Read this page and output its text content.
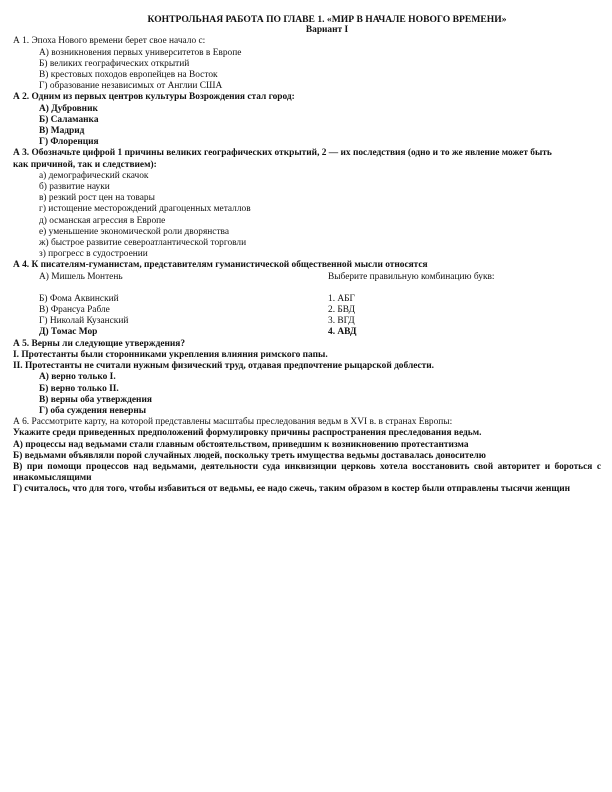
КОНТРОЛЬНАЯ РАБОТА ПО ГЛАВЕ 1. «МИР В НАЧАЛЕ НОВОГО ВРЕМЕНИ»
Вариант I
А 1. Эпоха Нового времени берет свое начало с:
А) возникновения первых университетов в Европе
Б) великих географических открытий
В) крестовых походов европейцев на Восток
Г) образование независимых от Англии США
А 2. Одним из первых центров культуры Возрождения стал город:
А) Дубровник
Б) Саламанка
В) Мадрид
Г) Флоренция
А 3. Обозначьте цифрой 1 причины великих географических открытий, 2 — их последствия (одно и то же явление может быть
как причиной, так и следствием):
а) демографический скачок
б) развитие науки
в) резкий рост цен на товары
г) истощение месторождений драгоценных металлов
д) османская агрессия в Европе
е) уменьшение экономической роли дворянства
ж) быстрое развитие североатлантической торговли
з) прогресс в судостроении
А 4. К писателям-гуманистам, представителям гуманистической общественной мысли относятся
А) Мишель Монтень	Выберите правильную комбинацию букв:
Б) Фома Аквинский	1. АБГ
В) Франсуа Рабле	2. БВД
Г) Николай Кузанский	3. ВГД
Д) Томас Мор	4. АВД
А 5. Верны ли следующие утверждения?
I. Протестанты были сторонниками укрепления влияния римского папы.
II. Протестанты не считали нужным физический труд, отдавая предпочтение рыцарской доблести.
А) верно только I.
Б) верно только II.
В) верны оба утверждения
Г) оба суждения неверны
А 6. Рассмотрите карту, на которой представлены масштабы преследования ведьм в XVI в. в странах Европы:
Укажите среди приведенных предположений формулировку причины распространения преследования ведьм.
А) процессы над ведьмами стали главным обстоятельством, приведшим к возникновению протестантизма
Б) ведьмами объявляли порой случайных людей, поскольку треть имущества ведьмы доставалась доносителю
В) при помощи процессов над ведьмами, деятельности суда инквизиции церковь хотела восстановить свой авторитет и бороться с инакомыслящими
Г) считалось, что для того, чтобы избавиться от ведьмы, ее надо сжечь, таким образом в костер были отправлены тысячи женщин
